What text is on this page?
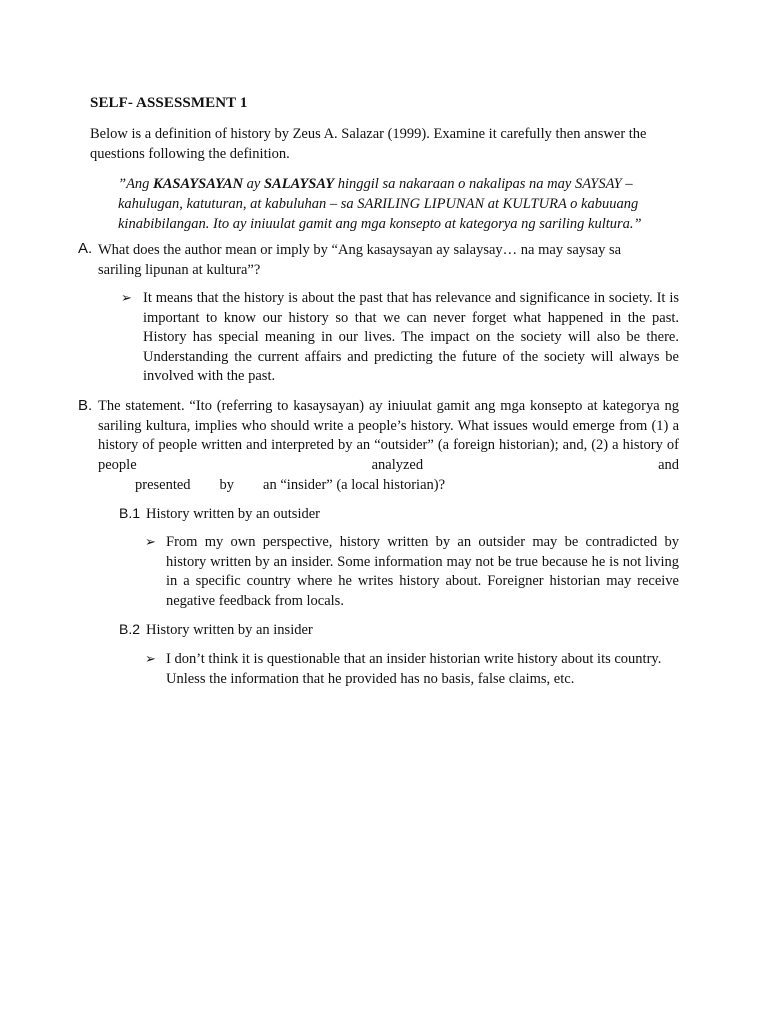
SELF- ASSESSMENT 1
Below is a definition of history by Zeus A. Salazar (1999). Examine it carefully then answer the questions following the definition.
”Ang KASAYSAYAN ay SALAYSAY hinggil sa nakaraan o nakalipas na may SAYSAY – kahulugan, katuturan, at kabuluhan – sa SARILING LIPUNAN at KULTURA o kabuuang kinabibilangan. Ito ay iniuulat gamit ang mga konsepto at kategorya ng sariling kultura.”
A. What does the author mean or imply by “Ang kasaysayan ay salaysay… na may saysay sa
sariling lipunan at kultura”?
➢ It means that the history is about the past that has relevance and significance in society. It is important to know our history so that we can never forget what happened in the past. History has special meaning in our lives. The impact on the society will also be there. Understanding the current affairs and predicting the future of the society will always be involved with the past.
B. The statement. “Ito (referring to kasaysayan) ay iniuulat gamit ang mga konsepto at kategorya ng sariling kultura, implies who should write a people’s history. What issues would emerge from (1) a history of people written and interpreted by an “outsider” (a foreign historian); and, (2) a history of people analyzed and
presented        by        an “insider” (a local historian)?
B.1 History written by an outsider
➢ From my own perspective, history written by an outsider may be contradicted by history written by an insider. Some information may not be true because he is not living in a specific country where he writes history about. Foreigner historian may receive negative feedback from locals.
B.2 History written by an insider
➢ I don’t think it is questionable that an insider historian write history about its country. Unless the information that he provided has no basis, false claims, etc.
